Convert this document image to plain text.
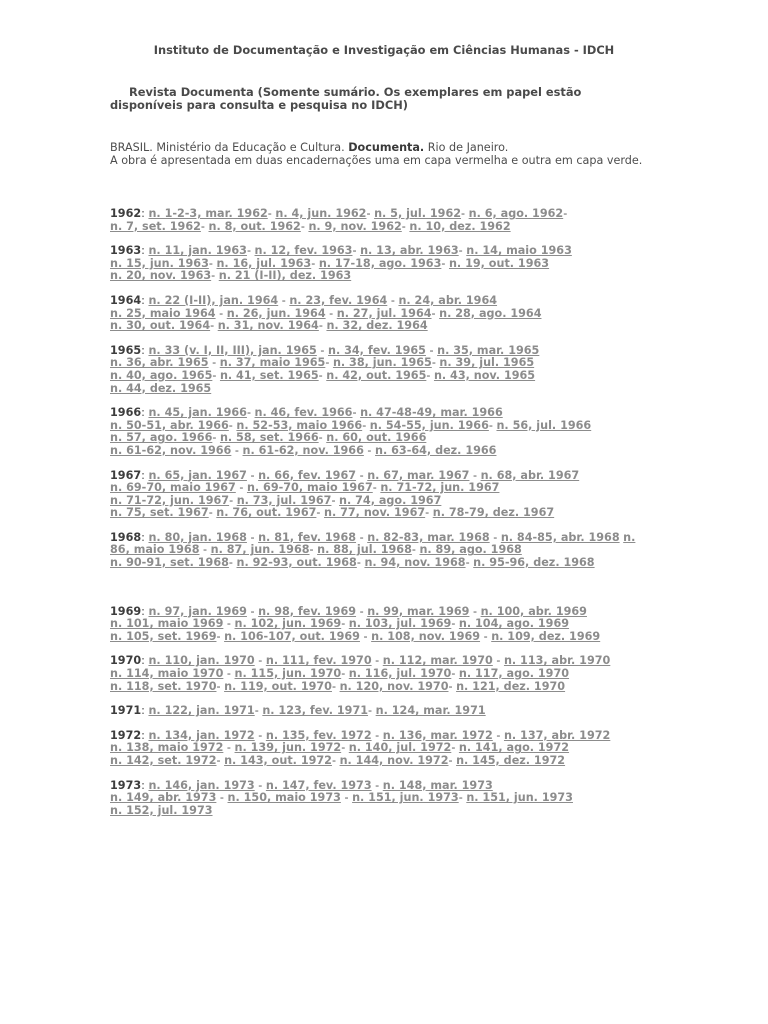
Instituto de Documentação e Investigação em Ciências Humanas - IDCH
Revista Documenta (Somente sumário. Os exemplares em papel estão disponíveis para consulta e pesquisa no IDCH)
BRASIL. Ministério da Educação e Cultura. Documenta. Rio de Janeiro.
A obra é apresentada em duas encadernações uma em capa vermelha e outra em capa verde.
1962: n. 1-2-3, mar. 1962- n. 4, jun. 1962- n. 5, jul. 1962- n. 6, ago. 1962-
n. 7, set. 1962- n. 8, out. 1962- n. 9, nov. 1962- n. 10, dez. 1962
1963: n. 11, jan. 1963- n. 12, fev. 1963- n. 13, abr. 1963- n. 14, maio 1963
n. 15, jun. 1963- n. 16, jul. 1963- n. 17-18, ago. 1963- n. 19, out. 1963
n. 20, nov. 1963- n. 21 (I-II), dez. 1963
1964: n. 22 (I-II), jan. 1964 - n. 23, fev. 1964 - n. 24, abr. 1964
n. 25, maio 1964 - n. 26, jun. 1964 - n. 27, jul. 1964- n. 28, ago. 1964
n. 30, out. 1964- n. 31, nov. 1964- n. 32, dez. 1964
1965: n. 33 (v. I, II, III), jan. 1965 - n. 34, fev. 1965 - n. 35, mar. 1965
n. 36, abr. 1965 - n. 37, maio 1965- n. 38, jun. 1965- n. 39, jul. 1965
n. 40, ago. 1965- n. 41, set. 1965- n. 42, out. 1965- n. 43, nov. 1965
n. 44, dez. 1965
1966: n. 45, jan. 1966- n. 46, fev. 1966- n. 47-48-49, mar. 1966
n. 50-51, abr. 1966- n. 52-53, maio 1966- n. 54-55, jun. 1966- n. 56, jul. 1966
n. 57, ago. 1966- n. 58, set. 1966- n. 60, out. 1966
n. 61-62, nov. 1966 - n. 61-62, nov. 1966 - n. 63-64, dez. 1966
1967: n. 65, jan. 1967 - n. 66, fev. 1967 - n. 67, mar. 1967 - n. 68, abr. 1967
n. 69-70, maio 1967 - n. 69-70, maio 1967- n. 71-72, jun. 1967
n. 71-72, jun. 1967- n. 73, jul. 1967- n. 74, ago. 1967
n. 75, set. 1967- n. 76, out. 1967- n. 77, nov. 1967- n. 78-79, dez. 1967
1968: n. 80, jan. 1968 - n. 81, fev. 1968 - n. 82-83, mar. 1968 - n. 84-85, abr. 1968 n.
86, maio 1968 - n. 87, jun. 1968- n. 88, jul. 1968- n. 89, ago. 1968
n. 90-91, set. 1968- n. 92-93, out. 1968- n. 94, nov. 1968- n. 95-96, dez. 1968
1969: n. 97, jan. 1969 - n. 98, fev. 1969 - n. 99, mar. 1969 - n. 100, abr. 1969
n. 101, maio 1969 - n. 102, jun. 1969- n. 103, jul. 1969- n. 104, ago. 1969
n. 105, set. 1969- n. 106-107, out. 1969 - n. 108, nov. 1969 - n. 109, dez. 1969
1970: n. 110, jan. 1970 - n. 111, fev. 1970 - n. 112, mar. 1970 - n. 113, abr. 1970
n. 114, maio 1970 - n. 115, jun. 1970- n. 116, jul. 1970- n. 117, ago. 1970
n. 118, set. 1970- n. 119, out. 1970- n. 120, nov. 1970- n. 121, dez. 1970
1971: n. 122, jan. 1971- n. 123, fev. 1971- n. 124, mar. 1971
1972: n. 134, jan. 1972 - n. 135, fev. 1972 - n. 136, mar. 1972 - n. 137, abr. 1972
n. 138, maio 1972 - n. 139, jun. 1972- n. 140, jul. 1972- n. 141, ago. 1972
n. 142, set. 1972- n. 143, out. 1972- n. 144, nov. 1972- n. 145, dez. 1972
1973: n. 146, jan. 1973 - n. 147, fev. 1973 - n. 148, mar. 1973
n. 149, abr. 1973 - n. 150, maio 1973 - n. 151, jun. 1973- n. 151, jun. 1973
n. 152, jul. 1973
